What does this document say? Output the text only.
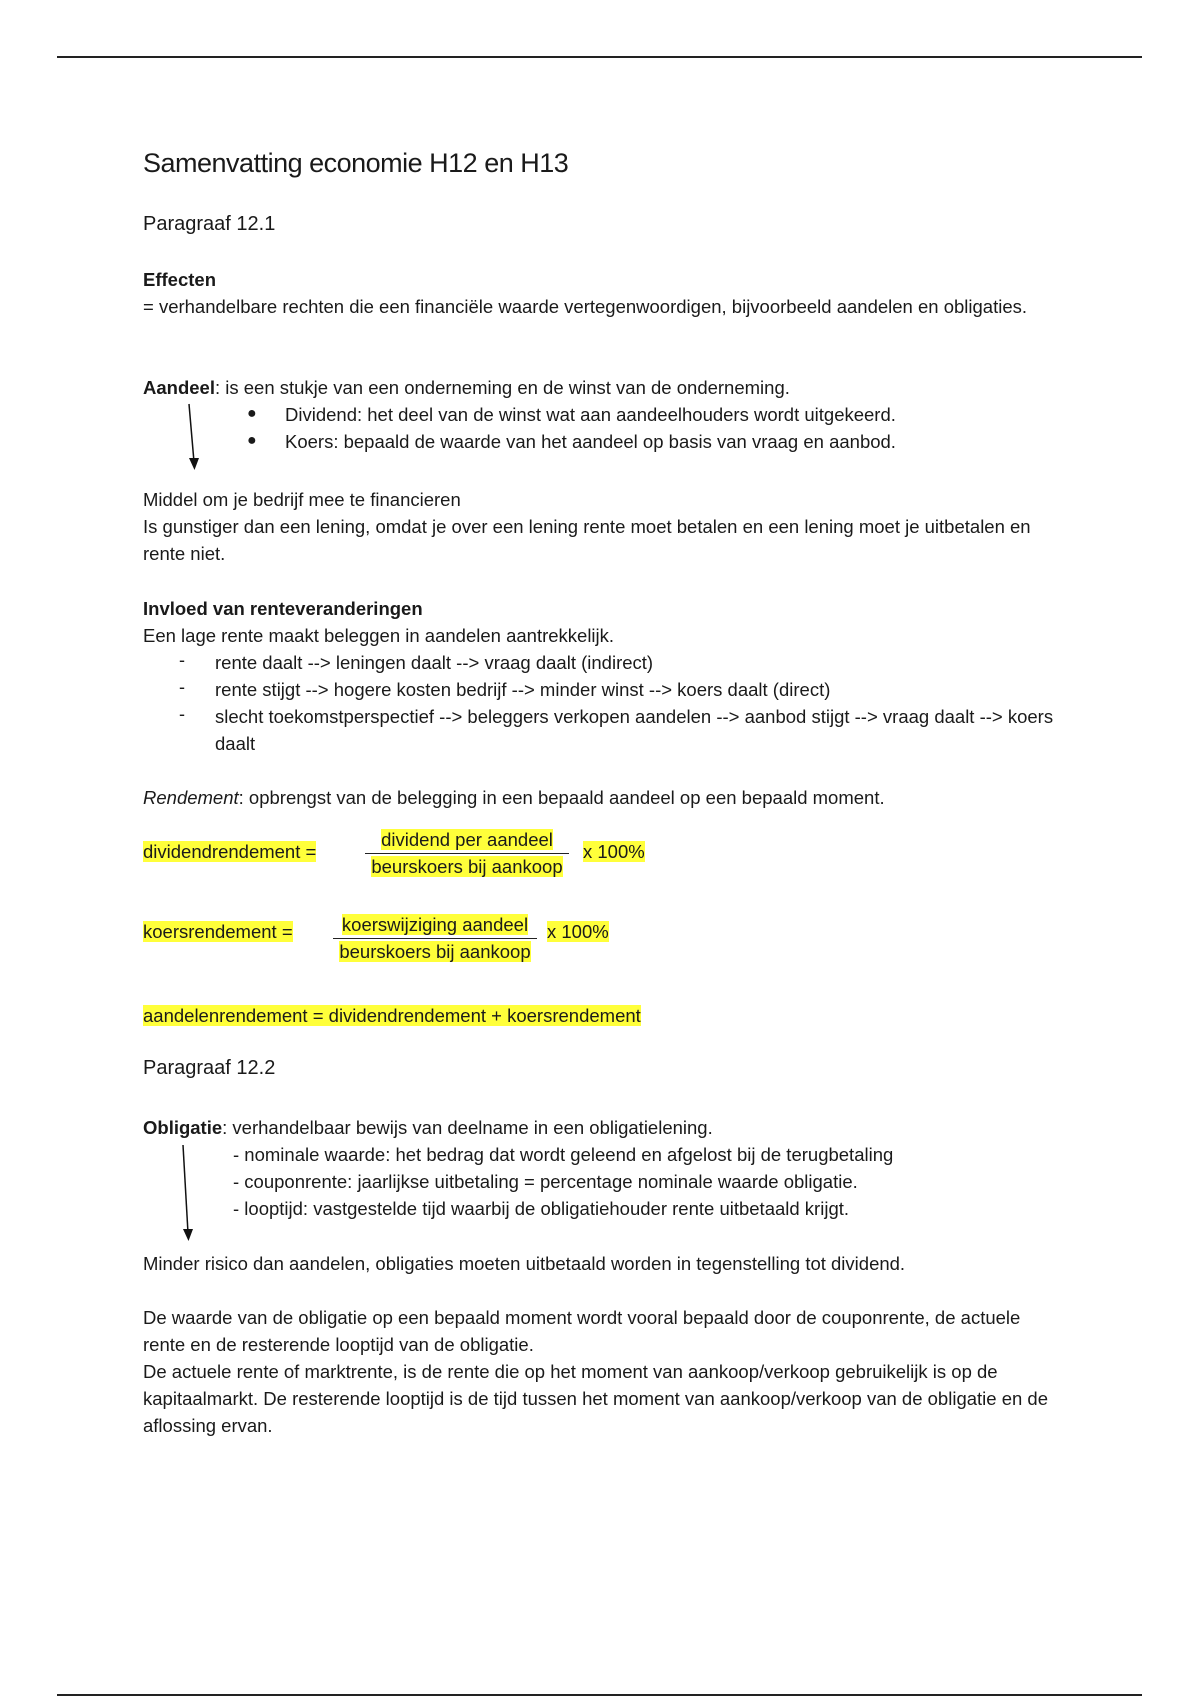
Samenvatting economie H12 en H13
Paragraaf 12.1
Effecten
= verhandelbare rechten die een financiële waarde vertegenwoordigen, bijvoorbeeld aandelen en obligaties.
Aandeel: is een stukje van een onderneming en de winst van de onderneming.
● Dividend: het deel van de winst wat aan aandeelhouders wordt uitgekeerd.
● Koers: bepaald de waarde van het aandeel op basis van vraag en aanbod.
Middel om je bedrijf mee te financieren
Is gunstiger dan een lening, omdat je over een lening rente moet betalen en een lening moet je uitbetalen en rente niet.
Invloed van renteveranderingen
Een lage rente maakt beleggen in aandelen aantrekkelijk.
- rente daalt --> leningen daalt --> vraag daalt (indirect)
- rente stijgt --> hogere kosten bedrijf --> minder winst --> koers daalt (direct)
- slecht toekomstperspectief --> beleggers verkopen aandelen --> aanbod stijgt --> vraag daalt --> koers daalt
Rendement: opbrengst van de belegging in een bepaald aandeel op een bepaald moment.
dividendrendement =
dividend per aandeel
beurskoers bij aankoop
x 100%
koersrendement =	koerswijziging aandeel
beurskoers bij aankoop
x 100%
aandelenrendement = dividendrendement + koersrendement
Paragraaf 12.2
Obligatie: verhandelbaar bewijs van deelname in een obligatielening.
- nominale waarde: het bedrag dat wordt geleend en afgelost bij de terugbetaling
- couponrente: jaarlijkse uitbetaling = percentage nominale waarde obligatie.
- looptijd: vastgestelde tijd waarbij de obligatiehouder rente uitbetaald krijgt.
Minder risico dan aandelen, obligaties moeten uitbetaald worden in tegenstelling tot dividend.
De waarde van de obligatie op een bepaald moment wordt vooral bepaald door de couponrente, de actuele rente en de resterende looptijd van de obligatie.
De actuele rente of marktrente, is de rente die op het moment van aankoop/verkoop gebruikelijk is op de kapitaalmarkt. De resterende looptijd is de tijd tussen het moment van aankoop/verkoop van de obligatie en de aflossing ervan.
